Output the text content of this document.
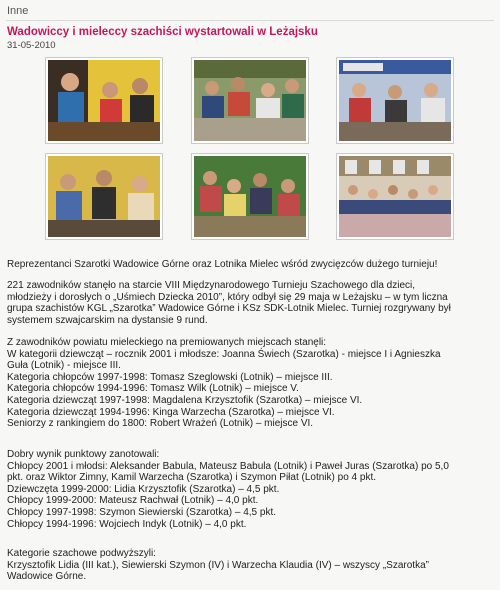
Inne
Wadowiccy i mieleccy szachiści wystartowali w Leżajsku
31-05-2010

Reprezentanci Szarotki Wadowice Górne oraz Lotnika Mielec wśród zwycięzców dużego turnieju!

221 zawodników stanęło na starcie VIII Międzynarodowego Turnieju Szachowego dla dzieci,
młodzieży i dorosłych o „Uśmiech Dziecka 2010”, który odbył się 29 maja w Leżajsku – w tym liczna
grupa szachistów KGL „Szarotka” Wadowice Górne i KSz SDK-Lotnik Mielec. Turniej rozgrywany był
systemem szwajcarskim na dystansie 9 rund.
Z zawodników powiatu mieleckiego na premiowanych miejscach stanęli:
W kategorii dziewcząt – rocznik 2001 i młodsze: Joanna Świech (Szarotka) - miejsce I i Agnieszka
Guła (Lotnik) - miejsce III.
Kategoria chłopców 1997-1998: Tomasz Szeglowski (Lotnik) – miejsce III.
Kategoria chłopców 1994-1996: Tomasz Wilk (Lotnik) – miejsce V.
Kategoria dziewcząt 1997-1998: Magdalena Krzysztofik (Szarotka) – miejsce VI.
Kategoria dziewcząt 1994-1996: Kinga Warzecha (Szarotka) – miejsce VI.
Seniorzy z rankingiem do 1800: Robert Wrażeń (Lotnik) – miejsce VI.
Dobry wynik punktowy zanotowali:
Chłopcy 2001 i młodsi: Aleksander Babula, Mateusz Babula (Lotnik) i Paweł Juras (Szarotka) po 5,0
pkt. oraz Wiktor Zimny, Kamil Warzecha (Szarotka) i Szymon Piłat (Lotnik) po 4 pkt.
Dziewczęta 1999-2000: Lidia Krzysztofik (Szarotka) – 4,5 pkt.
Chłopcy 1999-2000: Mateusz Rachwał (Lotnik) – 4,0 pkt.
Chłopcy 1997-1998: Szymon Siewierski (Szarotka) – 4,5 pkt.
Chłopcy 1994-1996: Wojciech Indyk (Lotnik) – 4,0 pkt.
Kategorie szachowe podwyższyli:
Krzysztofik Lidia (III kat.), Siewierski Szymon (IV) i Warzecha Klaudia (IV) – wszyscy „Szarotka”
Wadowice Górne.
